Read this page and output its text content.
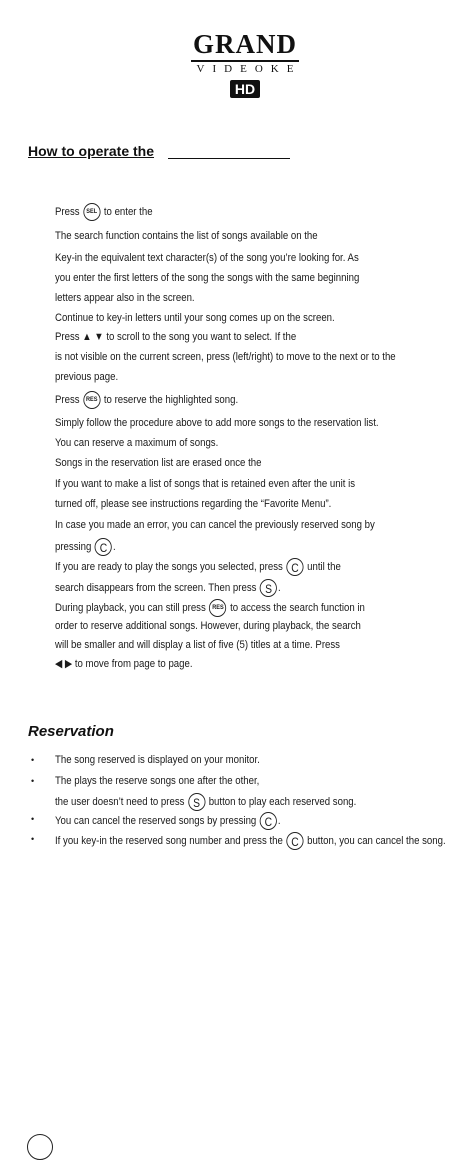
GRAND
VIDEOKE
HD
How to operate the
Press SEL to enter the
The search function contains the list of songs available on the
Key-in the equivalent text character(s) of the song you’re looking for. As
you enter the first letters of the song the songs with the same beginning
letters appear also in the screen.
Continue to key-in letters until your song comes up on the screen.
Press ▲ ▼ to scroll to the song you want to select. If the
is not visible on the current screen, press (left/right) to move to the next or to the
previous page.
Press RES to reserve the highlighted song.
Simply follow the procedure above to add more songs to the reservation list.
You can reserve a maximum of songs.
Songs in the reservation list are erased once the
If you want to make a list of songs that is retained even after the unit is
turned off, please see instructions regarding the “Favorite Menu”.
In case you made an error, you can cancel the previously reserved song by
pressing C .
If you are ready to play the songs you selected, press C until the
search disappears from the screen. Then press S .
During playback, you can still press RES to access the search function in
order to reserve additional songs. However, during playback, the search
will be smaller and will display a list of five (5) titles at a time. Press
◀ ▶ to move from page to page.
Reservation
• The song reserved is displayed on your monitor.
• The plays the reserve songs one after the other,
the user doesn’t need to press S button to play each reserved song.
• You can cancel the reserved songs by pressing C .
• If you key-in the reserved song number and press the C button, you can cancel the song.
